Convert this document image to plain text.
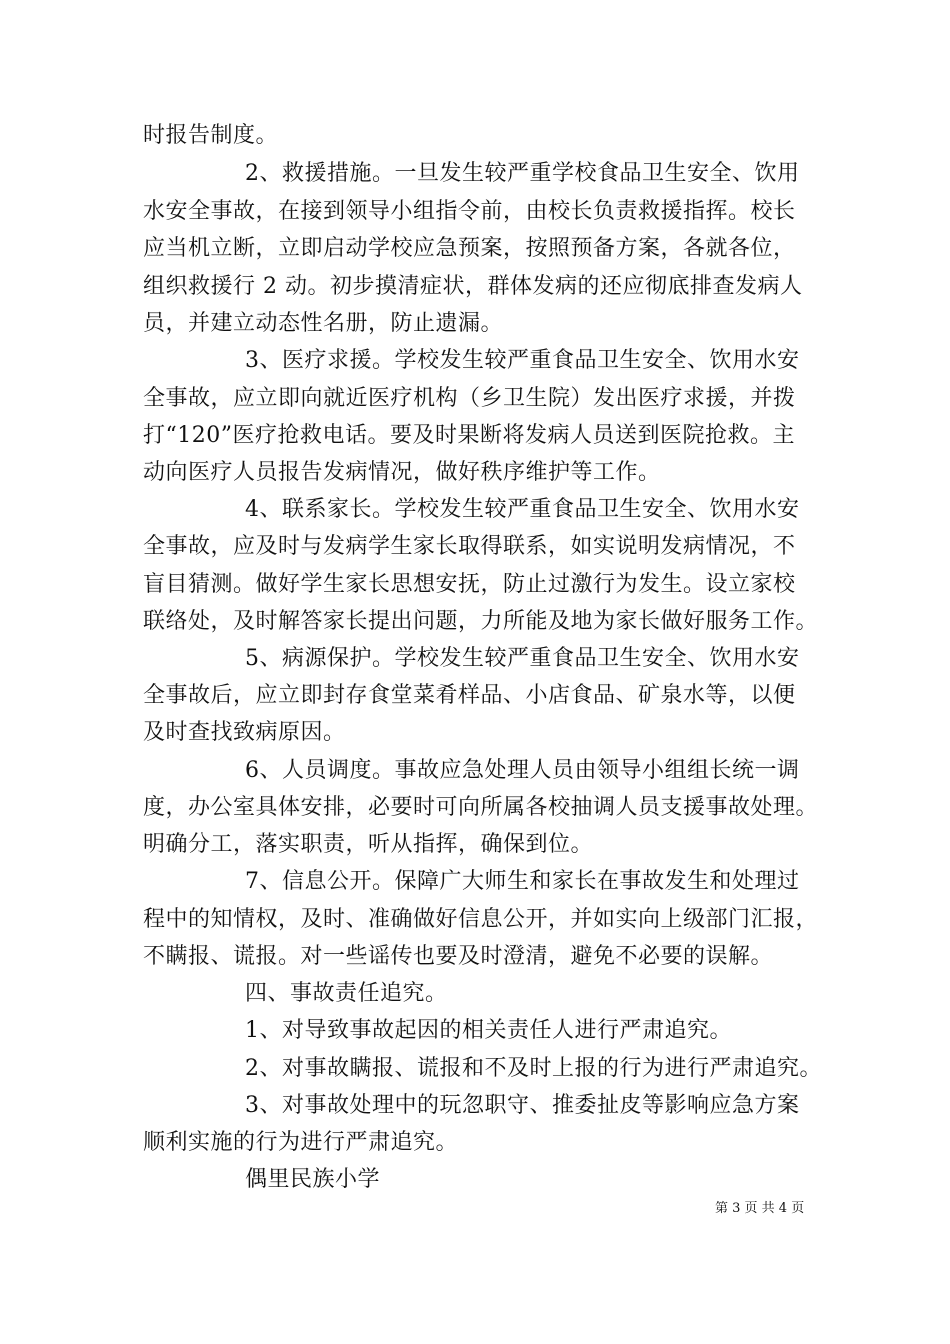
时报告制度。
2、救援措施。一旦发生较严重学校食品卫生安全、饮用
水安全事故，在接到领导小组指令前，由校长负责救援指挥。校长
应当机立断，立即启动学校应急预案，按照预备方案，各就各位，
组织救援行 2 动。初步摸清症状，群体发病的还应彻底排查发病人
员，并建立动态性名册，防止遗漏。
3、医疗求援。学校发生较严重食品卫生安全、饮用水安
全事故，应立即向就近医疗机构（乡卫生院）发出医疗求援，并拨
打“120”医疗抢救电话。要及时果断将发病人员送到医院抢救。主
动向医疗人员报告发病情况，做好秩序维护等工作。
4、联系家长。学校发生较严重食品卫生安全、饮用水安
全事故，应及时与发病学生家长取得联系，如实说明发病情况，不
盲目猜测。做好学生家长思想安抚，防止过激行为发生。设立家校
联络处，及时解答家长提出问题，力所能及地为家长做好服务工作。
5、病源保护。学校发生较严重食品卫生安全、饮用水安
全事故后，应立即封存食堂菜肴样品、小店食品、矿泉水等，以便
及时查找致病原因。
6、人员调度。事故应急处理人员由领导小组组长统一调
度，办公室具体安排，必要时可向所属各校抽调人员支援事故处理。
明确分工，落实职责，听从指挥，确保到位。
7、信息公开。保障广大师生和家长在事故发生和处理过
程中的知情权，及时、准确做好信息公开，并如实向上级部门汇报，
不瞒报、谎报。对一些谣传也要及时澄清，避免不必要的误解。
四、事故责任追究。
1、对导致事故起因的相关责任人进行严肃追究。
2、对事故瞒报、谎报和不及时上报的行为进行严肃追究。
3、对事故处理中的玩忽职守、推委扯皮等影响应急方案
顺利实施的行为进行严肃追究。
偶里民族小学
第 3 页 共 4 页
